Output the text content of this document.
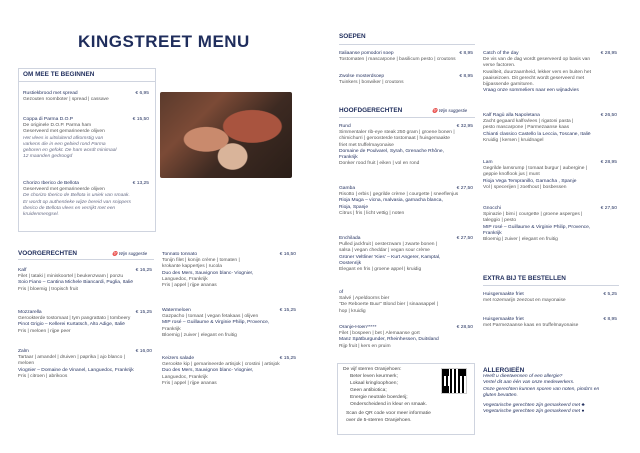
KINGSTREET MENU
OM MEE TE BEGINNEN
Rustiekbrood met spread	€ 6,95
Gezouten roomboter | spread | cassave
Coppa di Parma D.O.P	€ 15,50
De originele D.O.P. Parma ham
Geserveerd met gemarineerde olijven
Het vlees is uitsluitend afkomstig van
varkens die in een gebied rond Parma
geboren en gefokt. De ham wordt minimaal
12 maanden gedroogd
Chorizo Iberico de Bellota	€ 13,25
Geserveerd met gemarineerde olijven
De chorizo Iberico de Bellota is uniek van smaak.
Er wordt op authentieke wijze bereid van snippers
Iberico de Bellota vlees en verrijkt met een
kruidenmengsel.
VOORGERECHTEN	♈ Wijn suggestie
Kalf	€ 16,25
Filet | tataki | miniskoortel | beukenzwam | ponzu
Soio Fiano – Cantina Michele Biancardi, Puglia, Italië
Fris | bloemig | tropisch fruit
Mozzarella	€ 15,25
Gerookterde tostomaat | tym pangrattato | tombeery
Pinot Grigio – Kellerei Kurtatsch, Alto Adige, Italië
Fris | meloen | rijpe peer
Zalm	€ 16,00
Tartaar | amandel | druiven | paprika | ajo blanco |
meloen
Viognier – Domaine de Vinanel, Languedoc, Frankrijk
Fris | citroen | abrikoos
Tonnato tonnato	€ 16,50
Tonijn filet | konijn crème | tomaten |
krokante kappertjes | rucola
Duo des Mers, Sauvignon blanc- Viognier,
Languedoc, Frankrijk
Fris | appel | rijpe ananas
Watermeloen	€ 15,25
Gazpacho | tomaat | vegan fetakaas | olijven
MIP rosé – Guillaume & Virginie Philip, Provence,
Frankrijk
Bloemig | zuiver | elegant en fruitig
Keizers salade	€ 15,25
Gerookte kip | gemarineerde artisjok | crostini | artisjok
Duo des Mers, Sauvignon blanc- Viognier,
Languedoc, Frankrijk
Fris | appel | rijpe ananas
SOEPEN
Italiaanse pomodori soep	€ 8,95
Tostomaten | mascarpone | basilicum pesto | croutons
Zwolse mosterdsoep	€ 8,95
Tuinkers | boswiker | croutons
HOOFDGERECHTEN	♈ Wijn suggestie
Rund	€ 32,95
Simmentaler rib-eye steak 250 gram | groene bonen |
chimichurri | geroosterde tostomaat | huisgemaakte
friet met truffelmayonaise
Domaine de Poulvarel, Syrah, Grenache Rhône,
Frankrijk
Donker rood fruit | eiken | vol en rond
Gamba	€ 27,50
Risotto | erbis | gegrilde crème | courgette | sneeflenjus
Rioja Muga – vicna, malvasia, garnacha blanca,
Rioja, Spanje
Citrus | fris | licht vettig | noten
Enchilada	€ 27,50
Pulled jackfruit | oesterzwam | zwarte bonen |
salsa | vegan cheddar | vegan sour crème
Grüner Veltliner 'Kies' – Kurt Angerer, Kamptal,
Oostenrijk
Elegant en fris | groene appel | kruidig
of
Salvé | Apeldoorns bier
"De Reboerte Buur" Blond bier | sinaasappel |
hop | kruidig
Oranje-Hoen*****	€ 28,50
Filet | bospeen | bet | Alemaanse gort
Manz Spätburgunder, Rheinhessen, Duitsland
Rijp fruit | kers en pruim
De vijf sterren Oranjehoen:
Beter leven keurmerk;
Lokaal kringloophoen;
Geen antibiotica;
Energie neutrale boerderij;
Onderscheidend in kleur en smaak.
Scan de QR code voor meer informatie
over de 5-sterren Oranjehoen.
Catch of the day	€ 28,95
De vis van de dag wordt geserveerd op basis van
verse factoren.
Kwaliteit, duurzaamheid, lekker vers en buiten het
paaiseizoen. Dit gerecht wordt geserveerd met
bijpassende garnituren.
Vraag onze sommeliers naar een wijnadvies
Kalf Ragù alla Napoletana	€ 26,50
Zacht gegaard kalfsvlees | rigatoni pasta |
pesto mascarpone | Parmezaanse kaas
Chianti classico Castello la Leccia, Toscane, Italië
Kruidig | kersen | kruidnagel
Lam	€ 28,95
Gegrilde lamsrump | tomaat burgur | aubergine |
geppie knoflook jus | munt
Rioja Vega Tempranillo, Garnacha , Spanje
Vol | specerijen | zoethout | bosbessen
Gnocchi	€ 27,50
Spinazie | bimi | courgette | groene asperges |
taleggio | pesto
MIP rosé – Guillaume & Virginie Philip, Provence,
Frankrijk
Bloemig | zuiver | elegant en fruitig
EXTRA BIJ TE BESTELLEN
Huisgemaakte friet	€ 5,25
met rozemarijn zeezout en mayonaise
Huisgemaakte friet	€ 8,95
met Parmezaanse kaas en truffelmayonaise
ALLERGIEËN
Heeft u dieetwensen of een allergie?
Vertel dit aan één van onze medewerkers.
Onze gerechten kunnen sporen van noten, pinda's en
gluten bevatten.
Vegetarische gerechten zijn gemarkeerd met ♣
Vegetarische gerechten zijn gemarkeerd met ●
